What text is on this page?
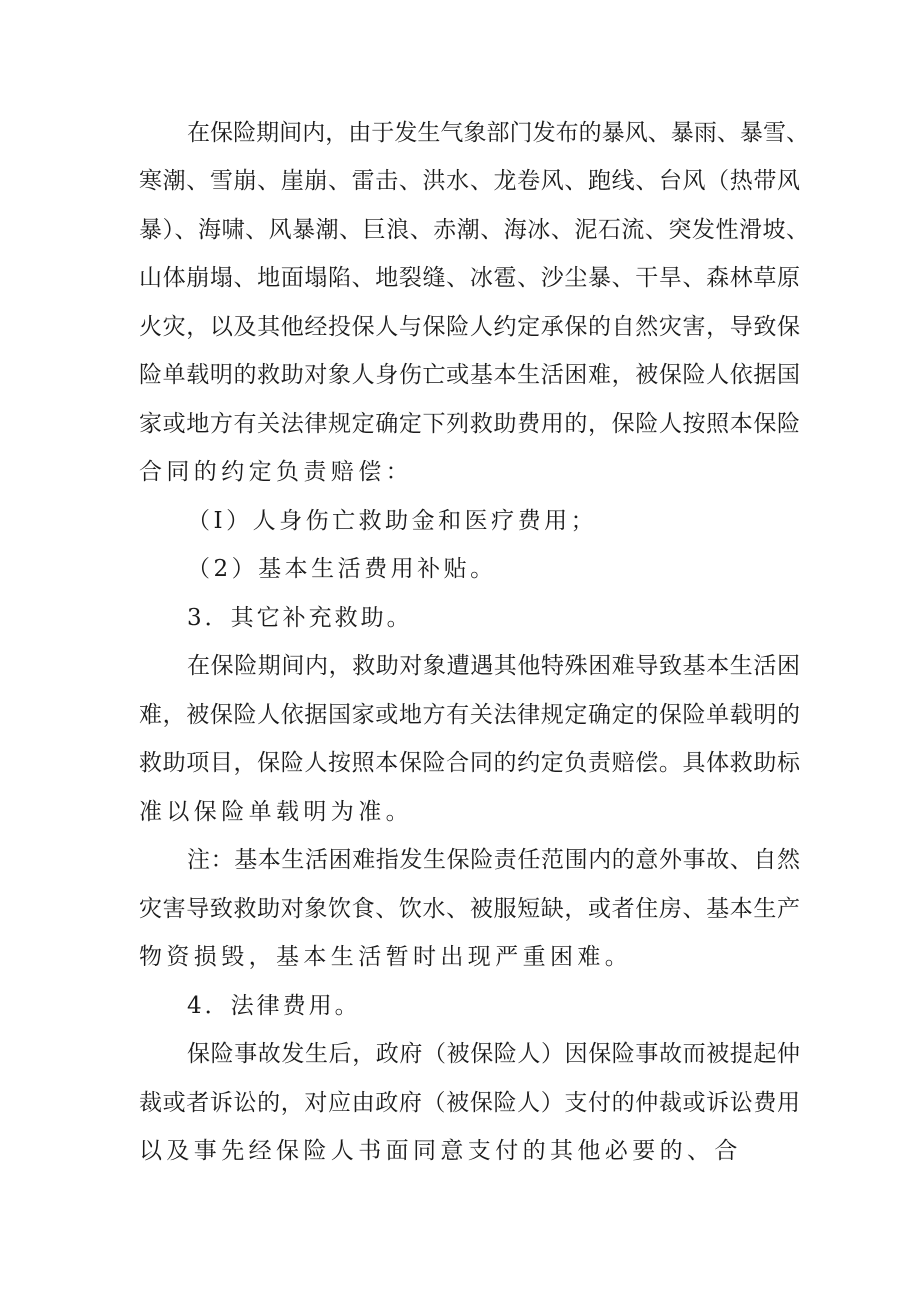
在保险期间内，由于发生气象部门发布的暴风、暴雨、暴雪、
寒潮、雪崩、崖崩、雷击、洪水、龙卷风、跑线、台风（热带风
暴）、海啸、风暴潮、巨浪、赤潮、海冰、泥石流、突发性滑坡、
山体崩塌、地面塌陷、地裂缝、冰雹、沙尘暴、干旱、森林草原
火灾，以及其他经投保人与保险人约定承保的自然灾害，导致保
险单载明的救助对象人身伤亡或基本生活困难，被保险人依据国
家或地方有关法律规定确定下列救助费用的，保险人按照本保险
合同的约定负责赔偿：
（I）人身伤亡救助金和医疗费用；
（2）基本生活费用补贴。
3．其它补充救助。
在保险期间内，救助对象遭遇其他特殊困难导致基本生活困
难，被保险人依据国家或地方有关法律规定确定的保险单载明的
救助项目，保险人按照本保险合同的约定负责赔偿。具体救助标
准以保险单载明为准。
注：基本生活困难指发生保险责任范围内的意外事故、自然
灾害导致救助对象饮食、饮水、被服短缺，或者住房、基本生产
物资损毁，基本生活暂时出现严重困难。
4．法律费用。
保险事故发生后，政府（被保险人）因保险事故而被提起仲
裁或者诉讼的，对应由政府（被保险人）支付的仲裁或诉讼费用
以及事先经保险人书面同意支付的其他必要的、合
